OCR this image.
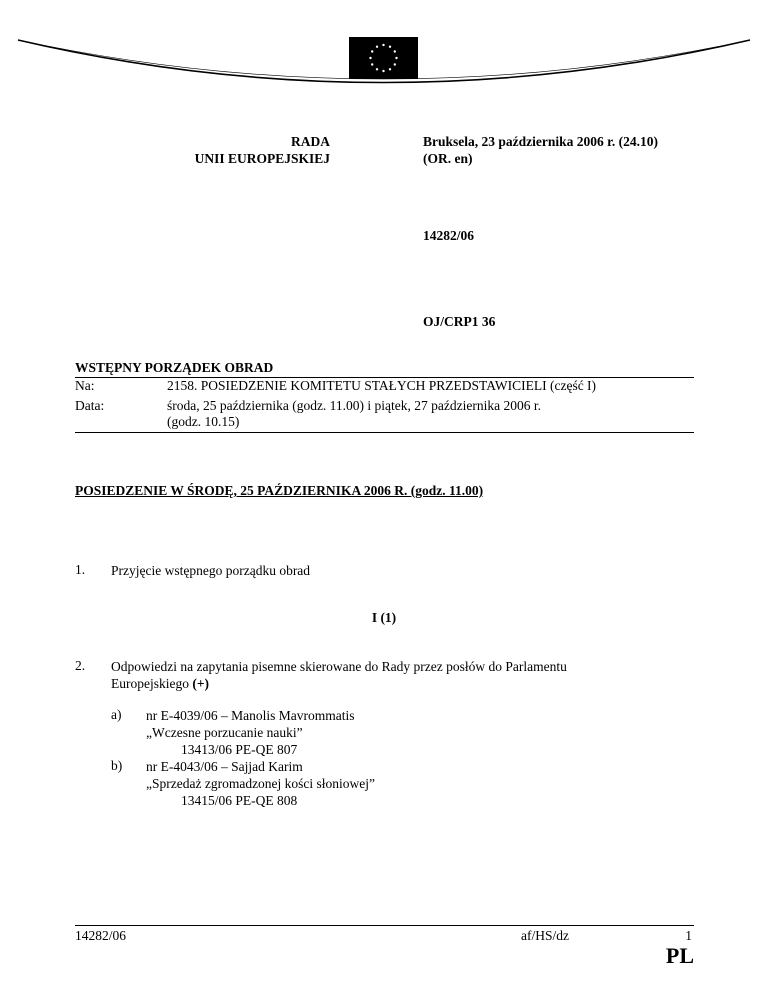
RADA
UNII EUROPEJSKIEJ
Bruksela, 23 października 2006 r. (24.10)
(OR. en)
14282/06
OJ/CRP1 36
WSTĘPNY PORZĄDEK OBRAD
Na:	2158. POSIEDZENIE KOMITETU STAŁYCH PRZEDSTAWICIELI (część I)
Data:	środa, 25 października (godz. 11.00) i piątek, 27 października 2006 r.
(godz. 10.15)
POSIEDZENIE W ŚRODĘ, 25 PAŹDZIERNIKA 2006 R. (godz. 11.00)
1. Przyjęcie wstępnego porządku obrad
I (1)
2. Odpowiedzi na zapytania pisemne skierowane do Rady przez posłów do Parlamentu
Europejskiego (+)
a) nr E-4039/06 – Manolis Mavrommatis
„Wczesne porzucanie nauki”
13413/06 PE-QE 807
b) nr E-4043/06 – Sajjad Karim
„Sprzedaż zgromadzonej kości słoniowej”
13415/06 PE-QE 808
14282/06	af/HS/dz	1
PL
